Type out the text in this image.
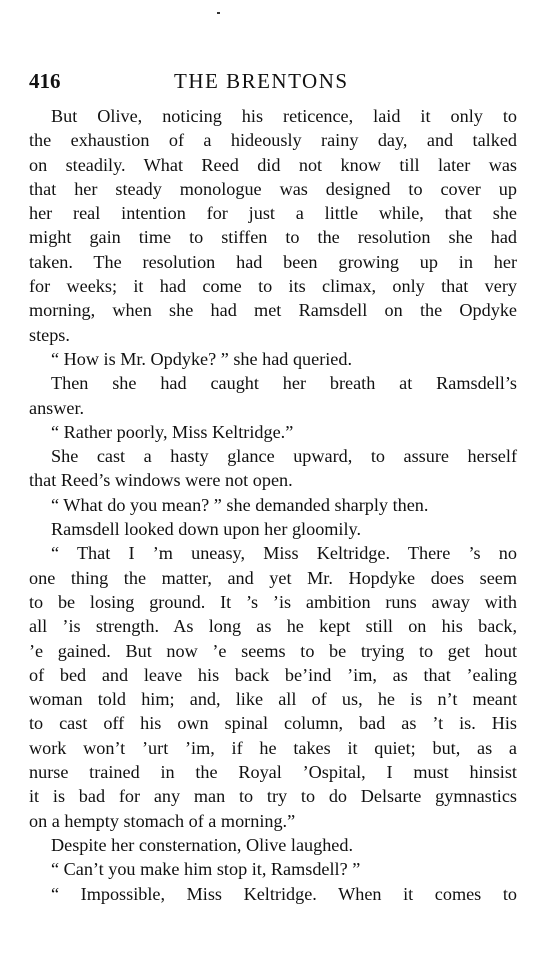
416	THE BRENTONS

But Olive, noticing his reticence, laid it only to
the exhaustion of a hideously rainy day, and talked
on steadily. What Reed did not know till later was
that her steady monologue was designed to cover up
her real intention for just a little while, that she
might gain time to stiffen to the resolution she had
taken. The resolution had been growing up in her
for weeks; it had come to its climax, only that very
morning, when she had met Ramsdell on the Opdyke
steps.

“ How is Mr. Opdyke? ” she had queried.

Then she had caught her breath at Ramsdell’s
answer.

“ Rather poorly, Miss Keltridge.”

She cast a hasty glance upward, to assure herself
that Reed’s windows were not open.

“ What do you mean? ” she demanded sharply then.

Ramsdell looked down upon her gloomily.

“ That I ’m uneasy, Miss Keltridge. There ’s no
one thing the matter, and yet Mr. Hopdyke does seem
to be losing ground. It ’s ’is ambition runs away with
all ’is strength. As long as he kept still on his back,
’e gained. But now ’e seems to be trying to get hout
of bed and leave his back be’ind ’im, as that ’ealing
woman told him; and, like all of us, he is n’t meant
to cast off his own spinal column, bad as ’t is. His
work won’t ’urt ’im, if he takes it quiet; but, as a
nurse trained in the Royal ’Ospital, I must hinsist
it is bad for any man to try to do Delsarte gymnastics
on a hempty stomach of a morning.”

Despite her consternation, Olive laughed.

“ Can’t you make him stop it, Ramsdell? ”

“ Impossible, Miss Keltridge. When it comes to
